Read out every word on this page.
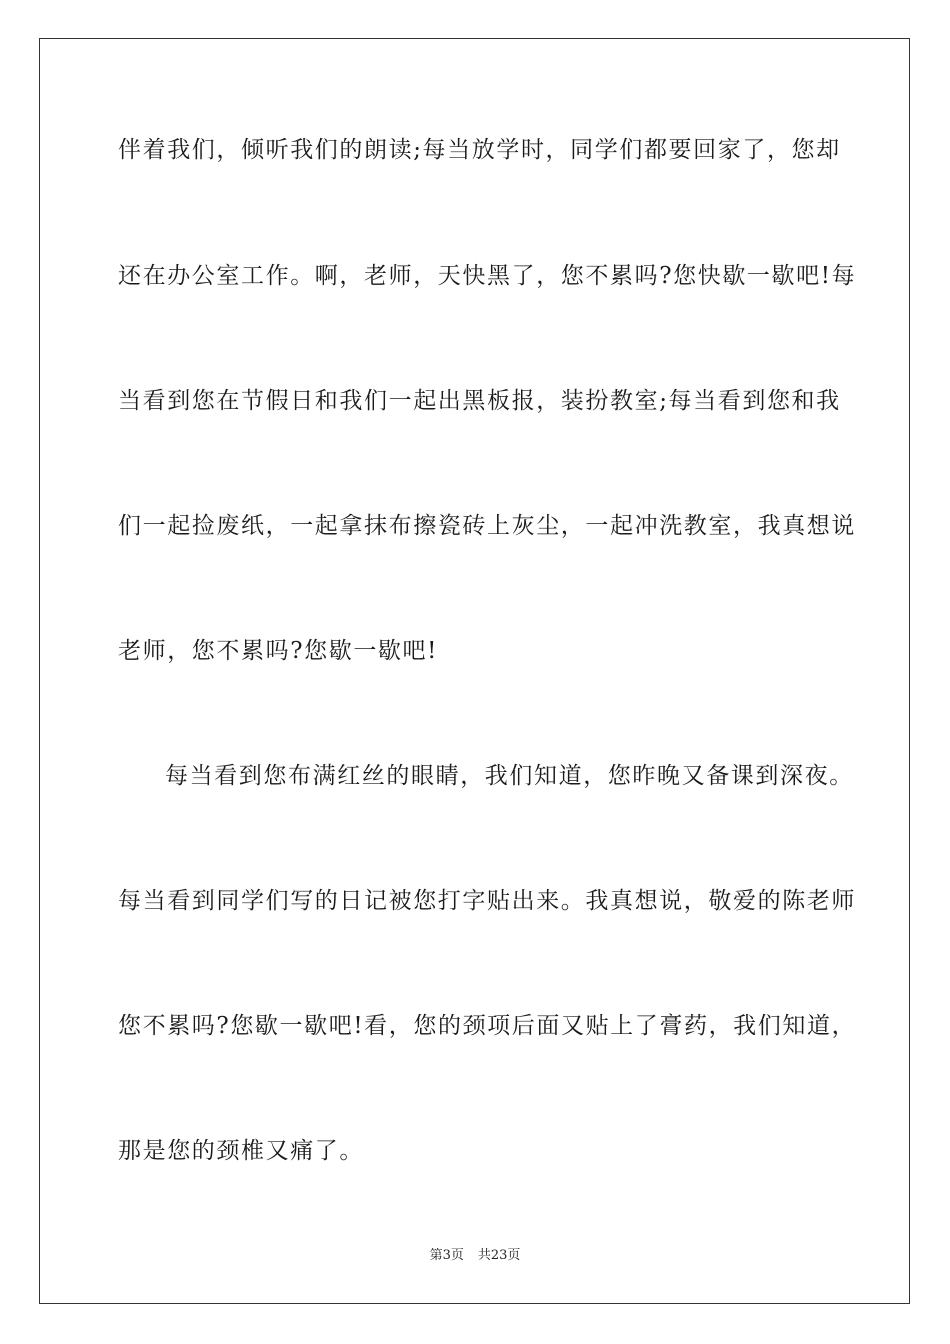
伴着我们，倾听我们的朗读;每当放学时，同学们都要回家了，您却
还在办公室工作。啊，老师，天快黑了，您不累吗?您快歇一歇吧!每
当看到您在节假日和我们一起出黑板报，装扮教室;每当看到您和我
们一起捡废纸，一起拿抹布擦瓷砖上灰尘，一起冲洗教室，我真想说
老师，您不累吗?您歇一歇吧!
每当看到您布满红丝的眼睛，我们知道，您昨晚又备课到深夜。
每当看到同学们写的日记被您打字贴出来。我真想说，敬爱的陈老师
您不累吗?您歇一歇吧!看，您的颈项后面又贴上了膏药，我们知道，
那是您的颈椎又痛了。
第3页 共23页
